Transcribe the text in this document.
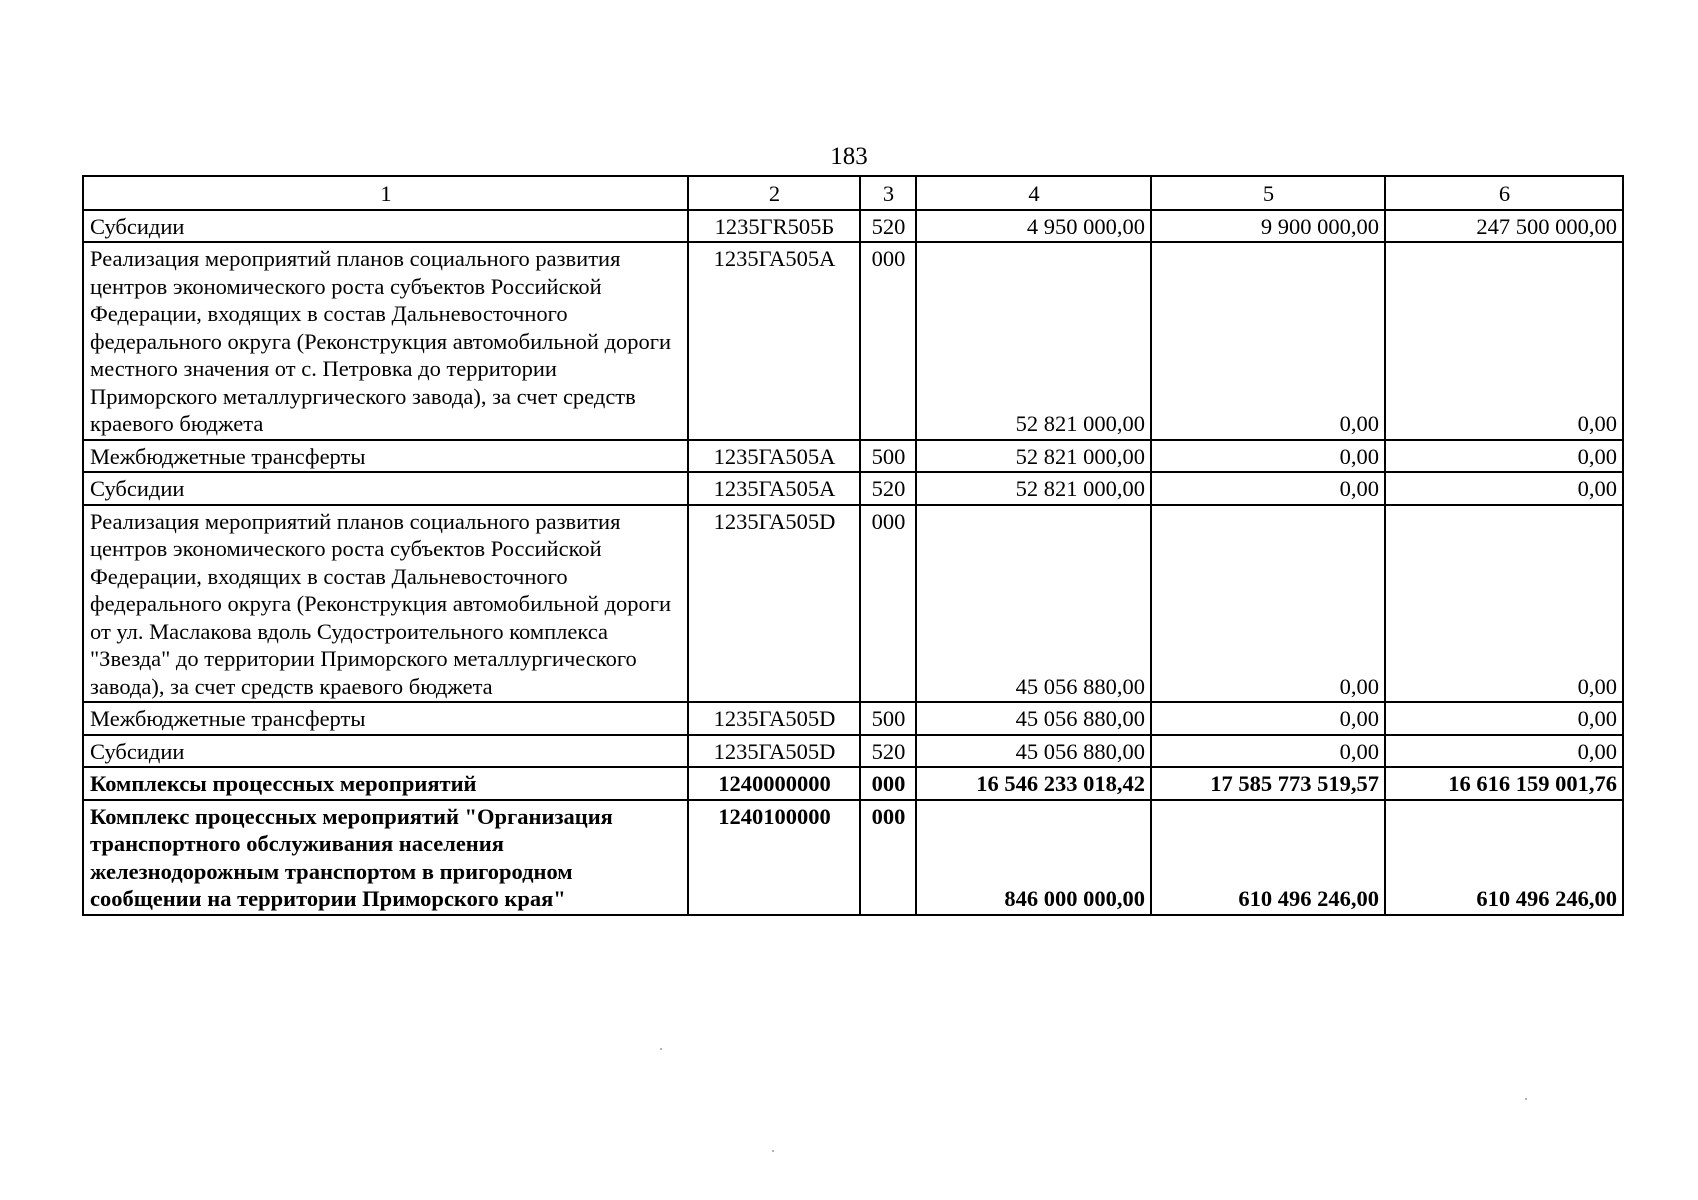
183
1	2	3	4	5	6
Субсидии	1235ГR505Б	520	4 950 000,00	9 900 000,00	247 500 000,00
Реализация мероприятий планов социального развития центров экономического роста субъектов Российской Федерации, входящих в состав Дальневосточного федерального округа (Реконструкция автомобильной дороги местного значения от с. Петровка до территории Приморского металлургического завода), за счет средств краевого бюджета	1235ГА505А	000	52 821 000,00	0,00	0,00
Межбюджетные трансферты	1235ГА505А	500	52 821 000,00	0,00	0,00
Субсидии	1235ГА505А	520	52 821 000,00	0,00	0,00
Реализация мероприятий планов социального развития центров экономического роста субъектов Российской Федерации, входящих в состав Дальневосточного федерального округа (Реконструкция автомобильной дороги от ул. Маслакова вдоль Судостроительного комплекса "Звезда" до территории Приморского металлургического завода), за счет средств краевого бюджета	1235ГА505D	000	45 056 880,00	0,00	0,00
Межбюджетные трансферты	1235ГА505D	500	45 056 880,00	0,00	0,00
Субсидии	1235ГА505D	520	45 056 880,00	0,00	0,00
Комплексы процессных мероприятий	1240000000	000	16 546 233 018,42	17 585 773 519,57	16 616 159 001,76
Комплекс процессных мероприятий "Организация транспортного обслуживания населения железнодорожным транспортом в пригородном сообщении на территории Приморского края"	1240100000	000	846 000 000,00	610 496 246,00	610 496 246,00
